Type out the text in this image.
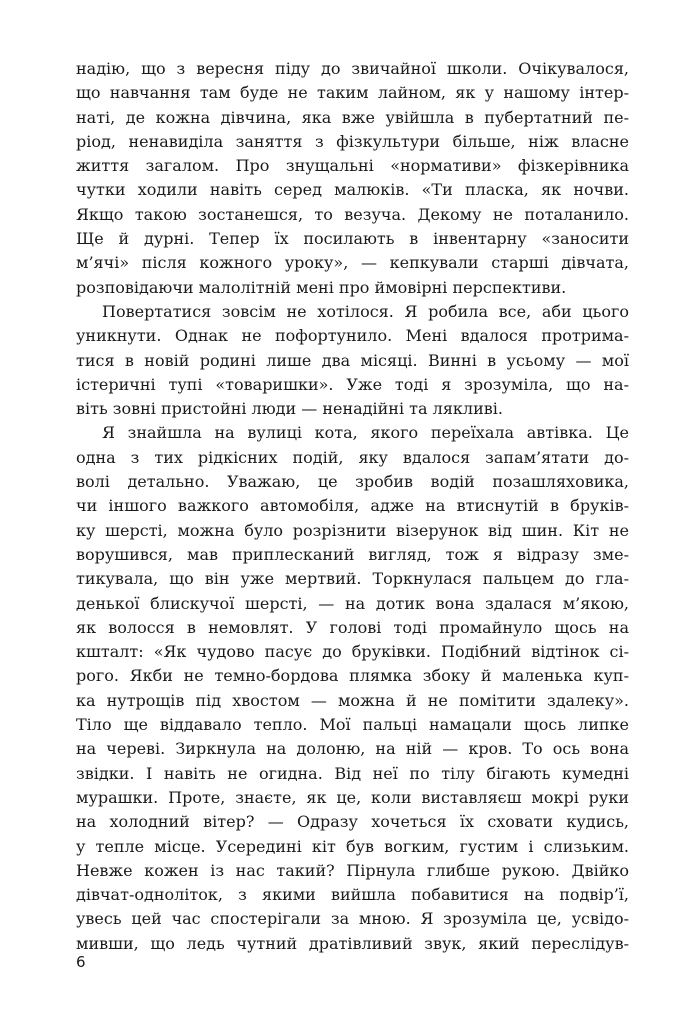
надію, що з вересня піду до звичайної школи. Очікувалося,
що навчання там буде не таким лайном, як у нашому інтер-
наті, де кожна дівчина, яка вже увійшла в пубертатний пе-
ріод, ненавиділа заняття з фізкультури більше, ніж власне
життя загалом. Про знущальні «нормативи» фізкерівника
чутки ходили навіть серед малюків. «Ти пласка, як ночви.
Якщо такою зостанешся, то везуча. Декому не поталанило.
Ще й дурні. Тепер їх посилають в інвентарну «заносити
м’ячі» після кожного уроку», — кепкували старші дівчата,
розповідаючи малолітній мені про ймовірні перспективи.
Повертатися зовсім не хотілося. Я робила все, аби цього
уникнути. Однак не пофортунило. Мені вдалося протрима-
тися в новій родині лише два місяці. Винні в усьому — мої
істеричні тупі «товаришки». Уже тоді я зрозуміла, що на-
віть зовні пристойні люди — ненадійні та лякливі.
Я знайшла на вулиці кота, якого переїхала автівка. Це
одна з тих рідкісних подій, яку вдалося запам’ятати до-
волі детально. Уважаю, це зробив водій позашляховика,
чи іншого важкого автомобіля, адже на втиснутій в бруків-
ку шерсті, можна було розрізнити візерунок від шин. Кіт не
ворушився, мав приплесканий вигляд, тож я відразу зме-
тикувала, що він уже мертвий. Торкнулася пальцем до гла-
денької блискучої шерсті, — на дотик вона здалася м’якою,
як волосся в немовлят. У голові тоді промайнуло щось на
кшталт: «Як чудово пасує до бруківки. Подібний відтінок сі-
рого. Якби не темно-бордова плямка збоку й маленька куп-
ка нутрощів під хвостом — можна й не помітити здалеку».
Тіло ще віддавало тепло. Мої пальці намацали щось липке
на череві. Зиркнула на долоню, на ній — кров. То ось вона
звідки. І навіть не огидна. Від неї по тілу бігають кумедні
мурашки. Проте, знаєте, як це, коли виставляєш мокрі руки
на холодний вітер? — Одразу хочеться їх сховати кудись,
у тепле місце. Усередині кіт був вогким, густим і слизьким.
Невже кожен із нас такий? Пірнула глибше рукою. Двійко
дівчат-одноліток, з якими вийшла побавитися на подвір’ї,
увесь цей час спостерігали за мною. Я зрозуміла це, усвідо-
мивши, що ледь чутний дратівливий звук, який переслідув-
6
